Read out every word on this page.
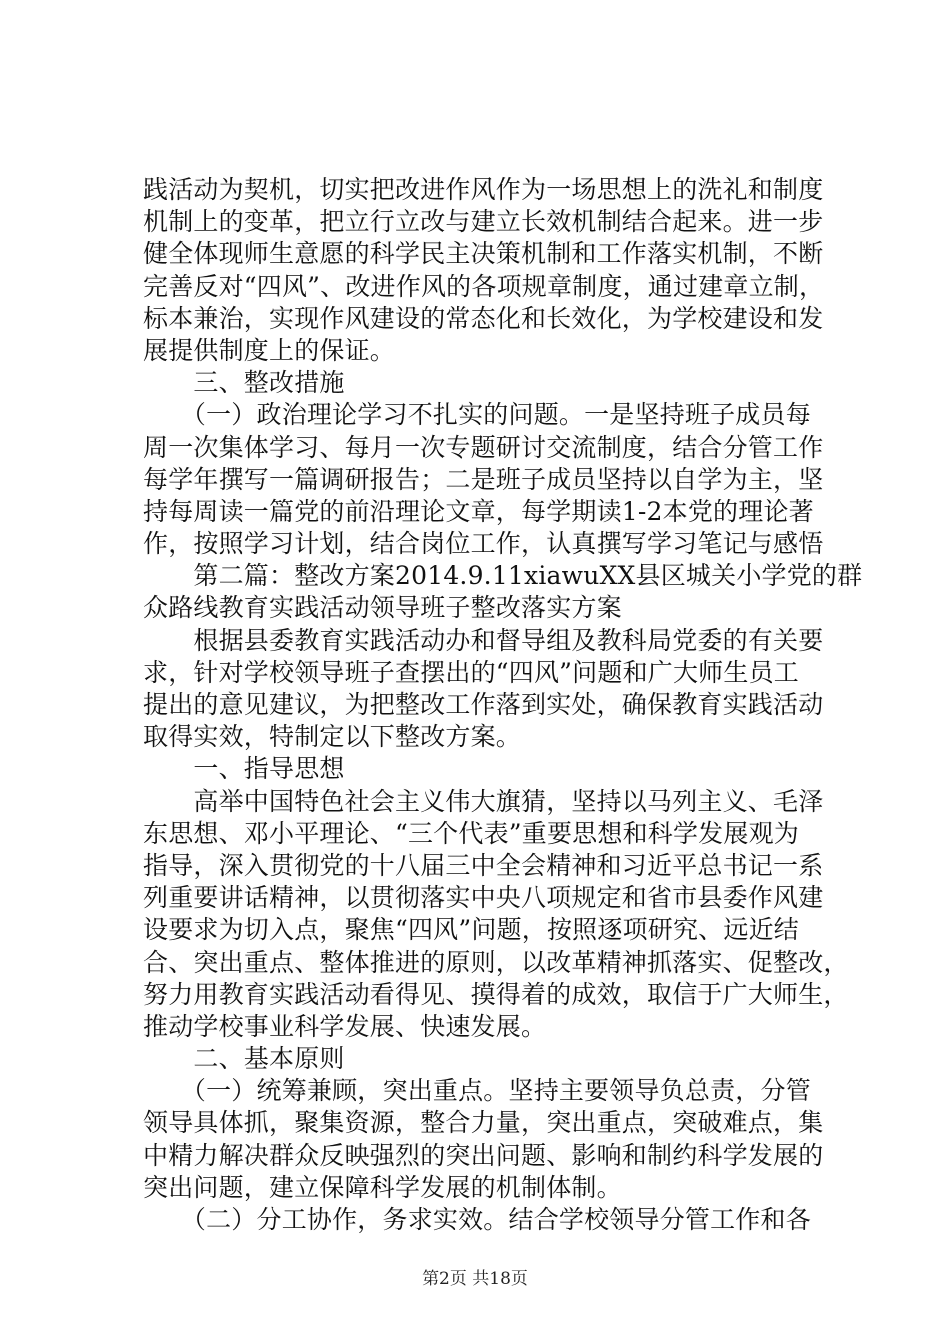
践活动为契机，切实把改进作风作为一场思想上的洗礼和制度
机制上的变革，把立行立改与建立长效机制结合起来。进一步
健全体现师生意愿的科学民主决策机制和工作落实机制，不断
完善反对“四风”、改进作风的各项规章制度，通过建章立制，
标本兼治，实现作风建设的常态化和长效化，为学校建设和发
展提供制度上的保证。
　　三、整改措施
　　（一）政治理论学习不扎实的问题。一是坚持班子成员每
周一次集体学习、每月一次专题研讨交流制度，结合分管工作
每学年撰写一篇调研报告；二是班子成员坚持以自学为主，坚
持每周读一篇党的前沿理论文章，每学期读1-2本党的理论著
作，按照学习计划，结合岗位工作，认真撰写学习笔记与感悟
　　第二篇：整改方案2014.9.11xiawuXX县区城关小学党的群
众路线教育实践活动领导班子整改落实方案
　　根据县委教育实践活动办和督导组及教科局党委的有关要
求，针对学校领导班子查摆出的“四风”问题和广大师生员工
提出的意见建议，为把整改工作落到实处，确保教育实践活动
取得实效，特制定以下整改方案。
　　一、指导思想
　　高举中国特色社会主义伟大旗猜，坚持以马列主义、毛泽
东思想、邓小平理论、“三个代表”重要思想和科学发展观为
指导，深入贯彻党的十八届三中全会精神和习近平总书记一系
列重要讲话精神，以贯彻落实中央八项规定和省市县委作风建
设要求为切入点，聚焦“四风”问题，按照逐项研究、远近结
合、突出重点、整体推进的原则，以改革精神抓落实、促整改，
努力用教育实践活动看得见、摸得着的成效，取信于广大师生，
推动学校事业科学发展、快速发展。
　　二、基本原则
　　（一）统筹兼顾，突出重点。坚持主要领导负总责，分管
领导具体抓，聚集资源，整合力量，突出重点，突破难点，集
中精力解决群众反映强烈的突出问题、影响和制约科学发展的
突出问题，建立保障科学发展的机制体制。
　　（二）分工协作，务求实效。结合学校领导分管工作和各
第2页 共18页
